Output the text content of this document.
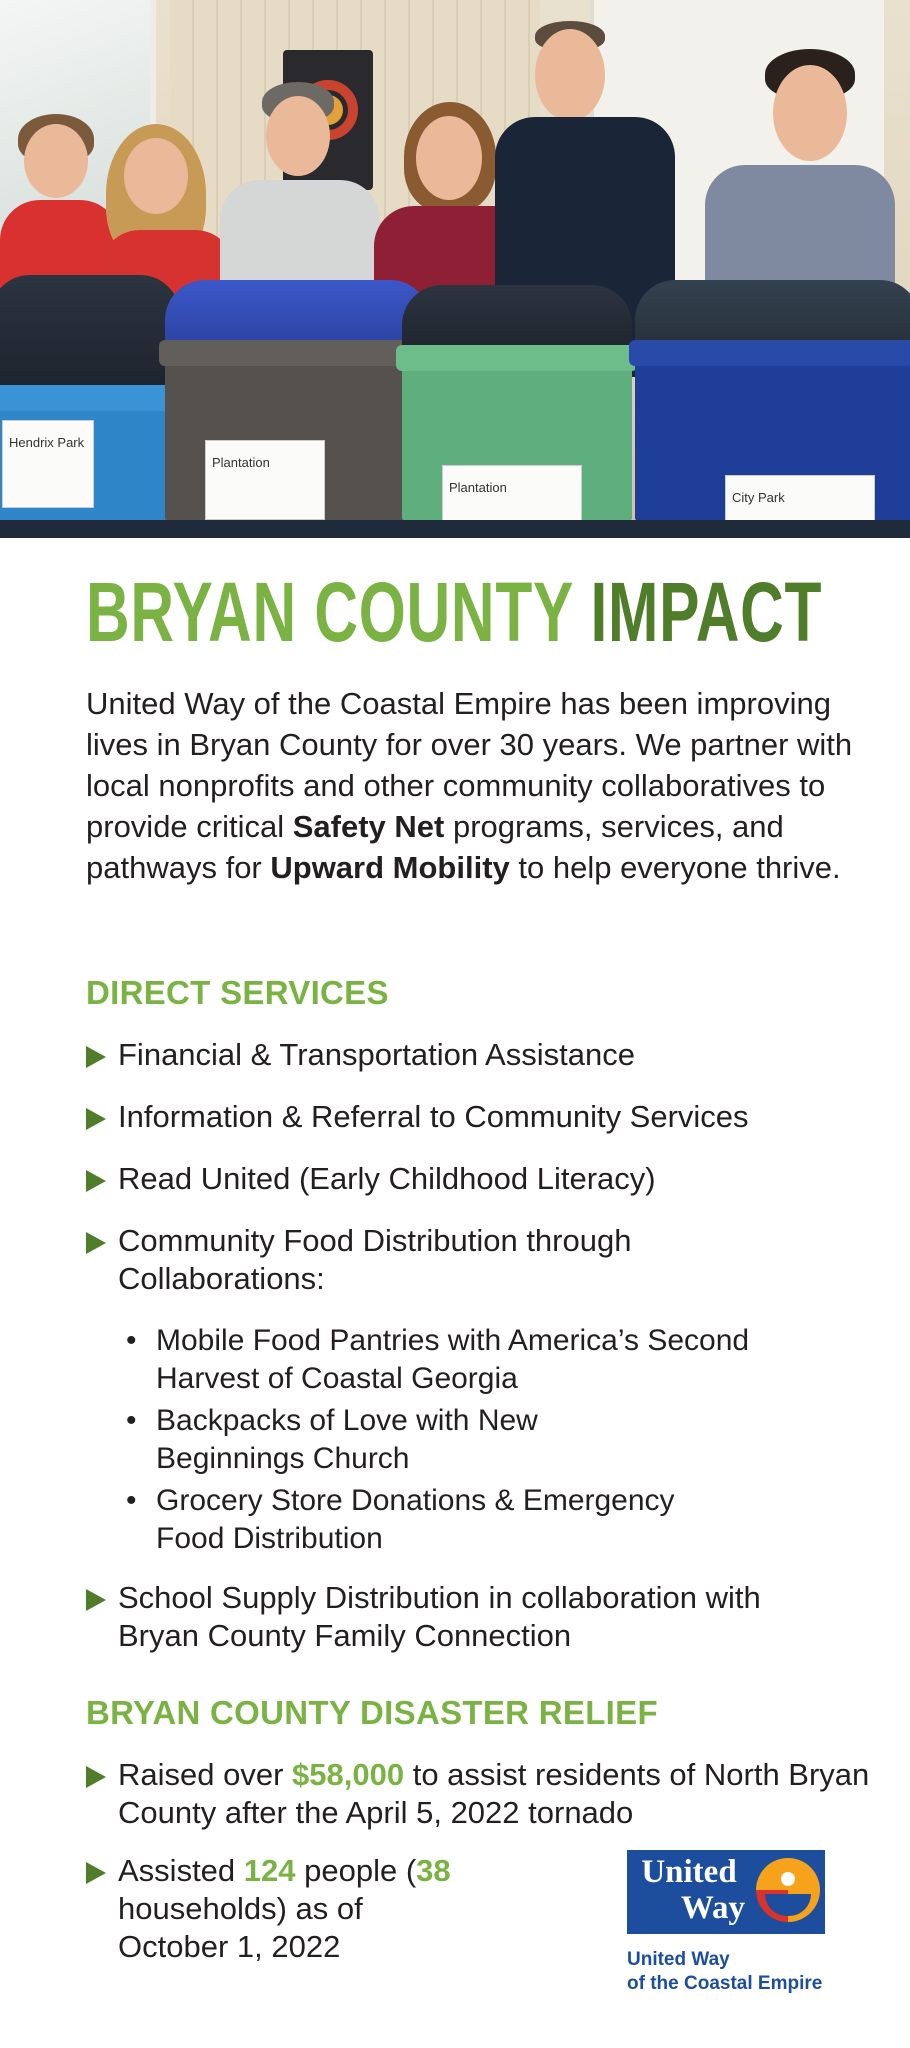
Hendrix Park
Plantation
Plantation
City Park
BRYAN COUNTY IMPACT
United Way of the Coastal Empire has been improving lives in Bryan County for over 30 years. We partner with local nonprofits and other community collaboratives to provide critical Safety Net programs, services, and pathways for Upward Mobility to help everyone thrive.
DIRECT SERVICES
Financial & Transportation Assistance
Information & Referral to Community Services
Read United (Early Childhood Literacy)
Community Food Distribution through Collaborations:
• Mobile Food Pantries with America’s Second Harvest of Coastal Georgia
• Backpacks of Love with New Beginnings Church
• Grocery Store Donations & Emergency Food Distribution
School Supply Distribution in collaboration with Bryan County Family Connection
BRYAN COUNTY DISASTER RELIEF
Raised over $58,000 to assist residents of North Bryan County after the April 5, 2022 tornado
Assisted 124 people (38 households) as of October 1, 2022
United
Way
United Way
of the Coastal Empire
